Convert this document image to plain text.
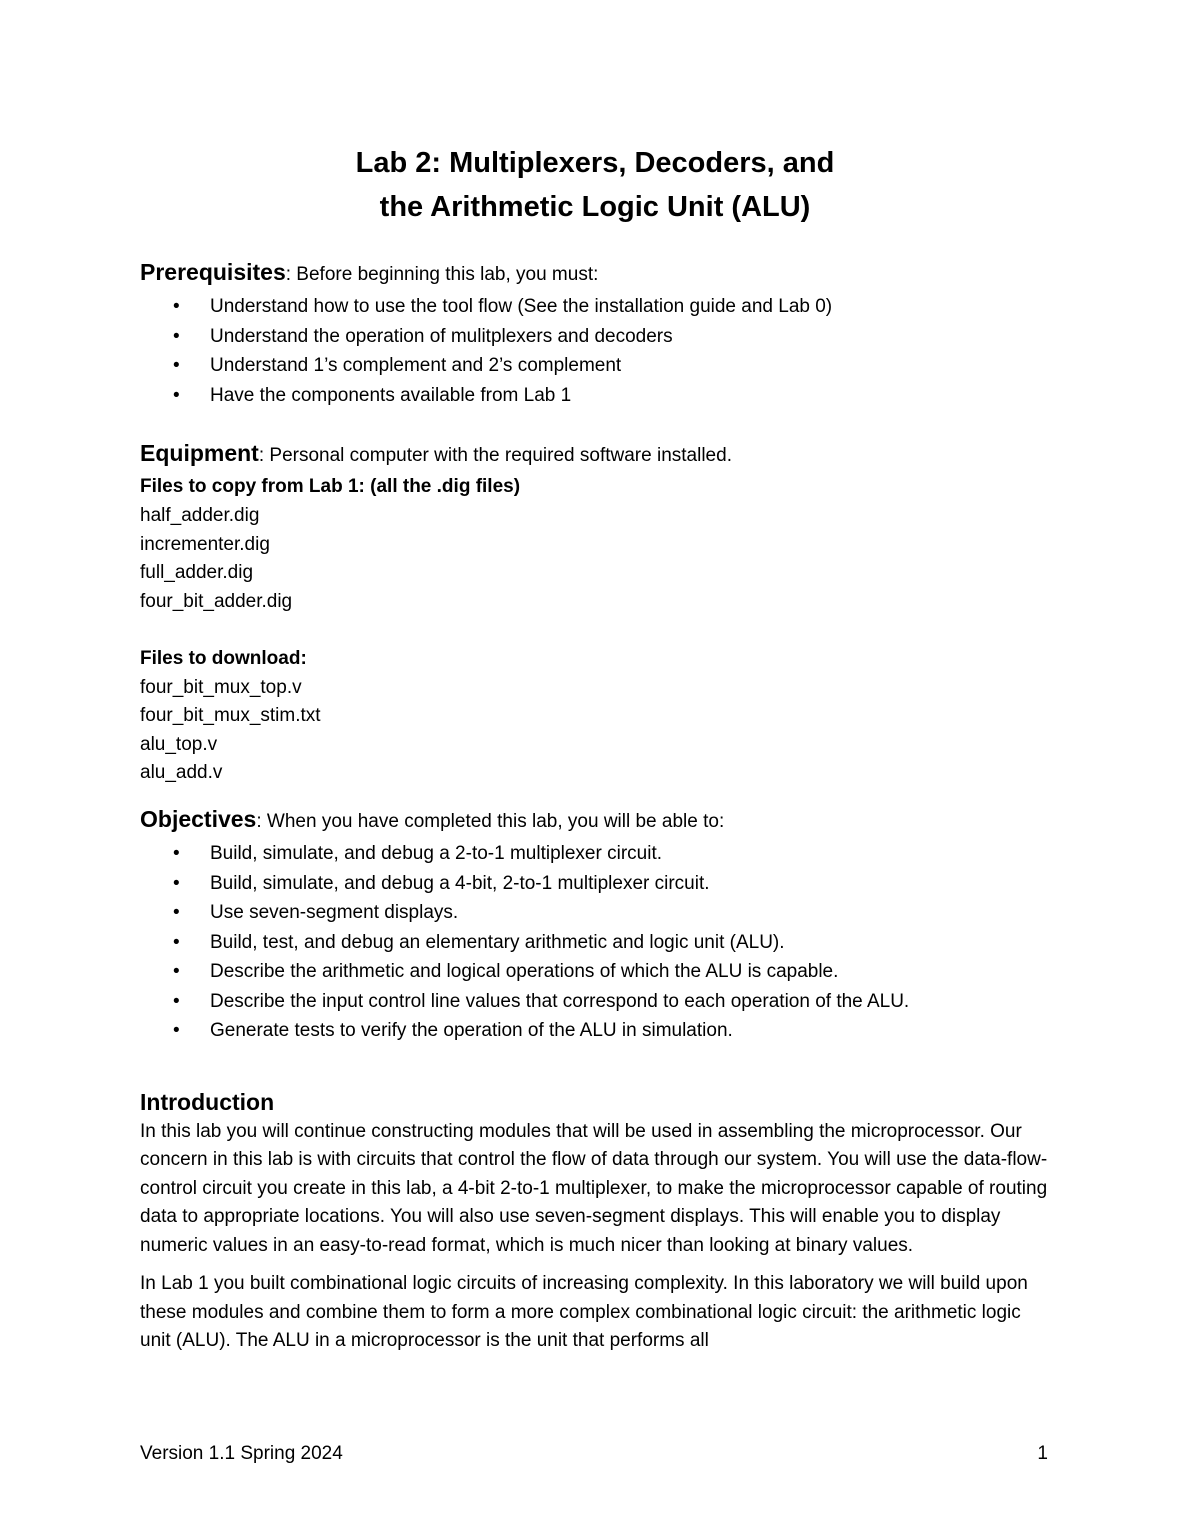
Lab 2: Multiplexers, Decoders, and
the Arithmetic Logic Unit (ALU)
Prerequisites: Before beginning this lab, you must:
• Understand how to use the tool flow (See the installation guide and Lab 0)
• Understand the operation of mulitplexers and decoders
• Understand 1’s complement and 2’s complement
• Have the components available from Lab 1
Equipment: Personal computer with the required software installed.
Files to copy from Lab 1: (all the .dig files)
half_adder.dig
incrementer.dig
full_adder.dig
four_bit_adder.dig

Files to download:
four_bit_mux_top.v
four_bit_mux_stim.txt
alu_top.v
alu_add.v
Objectives: When you have completed this lab, you will be able to:
• Build, simulate, and debug a 2-to-1 multiplexer circuit.
• Build, simulate, and debug a 4-bit, 2-to-1 multiplexer circuit.
• Use seven-segment displays.
• Build, test, and debug an elementary arithmetic and logic unit (ALU).
• Describe the arithmetic and logical operations of which the ALU is capable.
• Describe the input control line values that correspond to each operation of the ALU.
• Generate tests to verify the operation of the ALU in simulation.
Introduction

In this lab you will continue constructing modules that will be used in assembling the microprocessor. Our concern in this lab is with circuits that control the flow of data through our system. You will use the data-flow-control circuit you create in this lab, a 4-bit 2-to-1 multiplexer, to make the microprocessor capable of routing data to appropriate locations. You will also use seven-segment displays. This will enable you to display numeric values in an easy-to-read format, which is much nicer than looking at binary values.

In Lab 1 you built combinational logic circuits of increasing complexity. In this laboratory we will build upon these modules and combine them to form a more complex combinational logic circuit: the arithmetic logic unit (ALU). The ALU in a microprocessor is the unit that performs all

Version 1.1 Spring 2024	1
